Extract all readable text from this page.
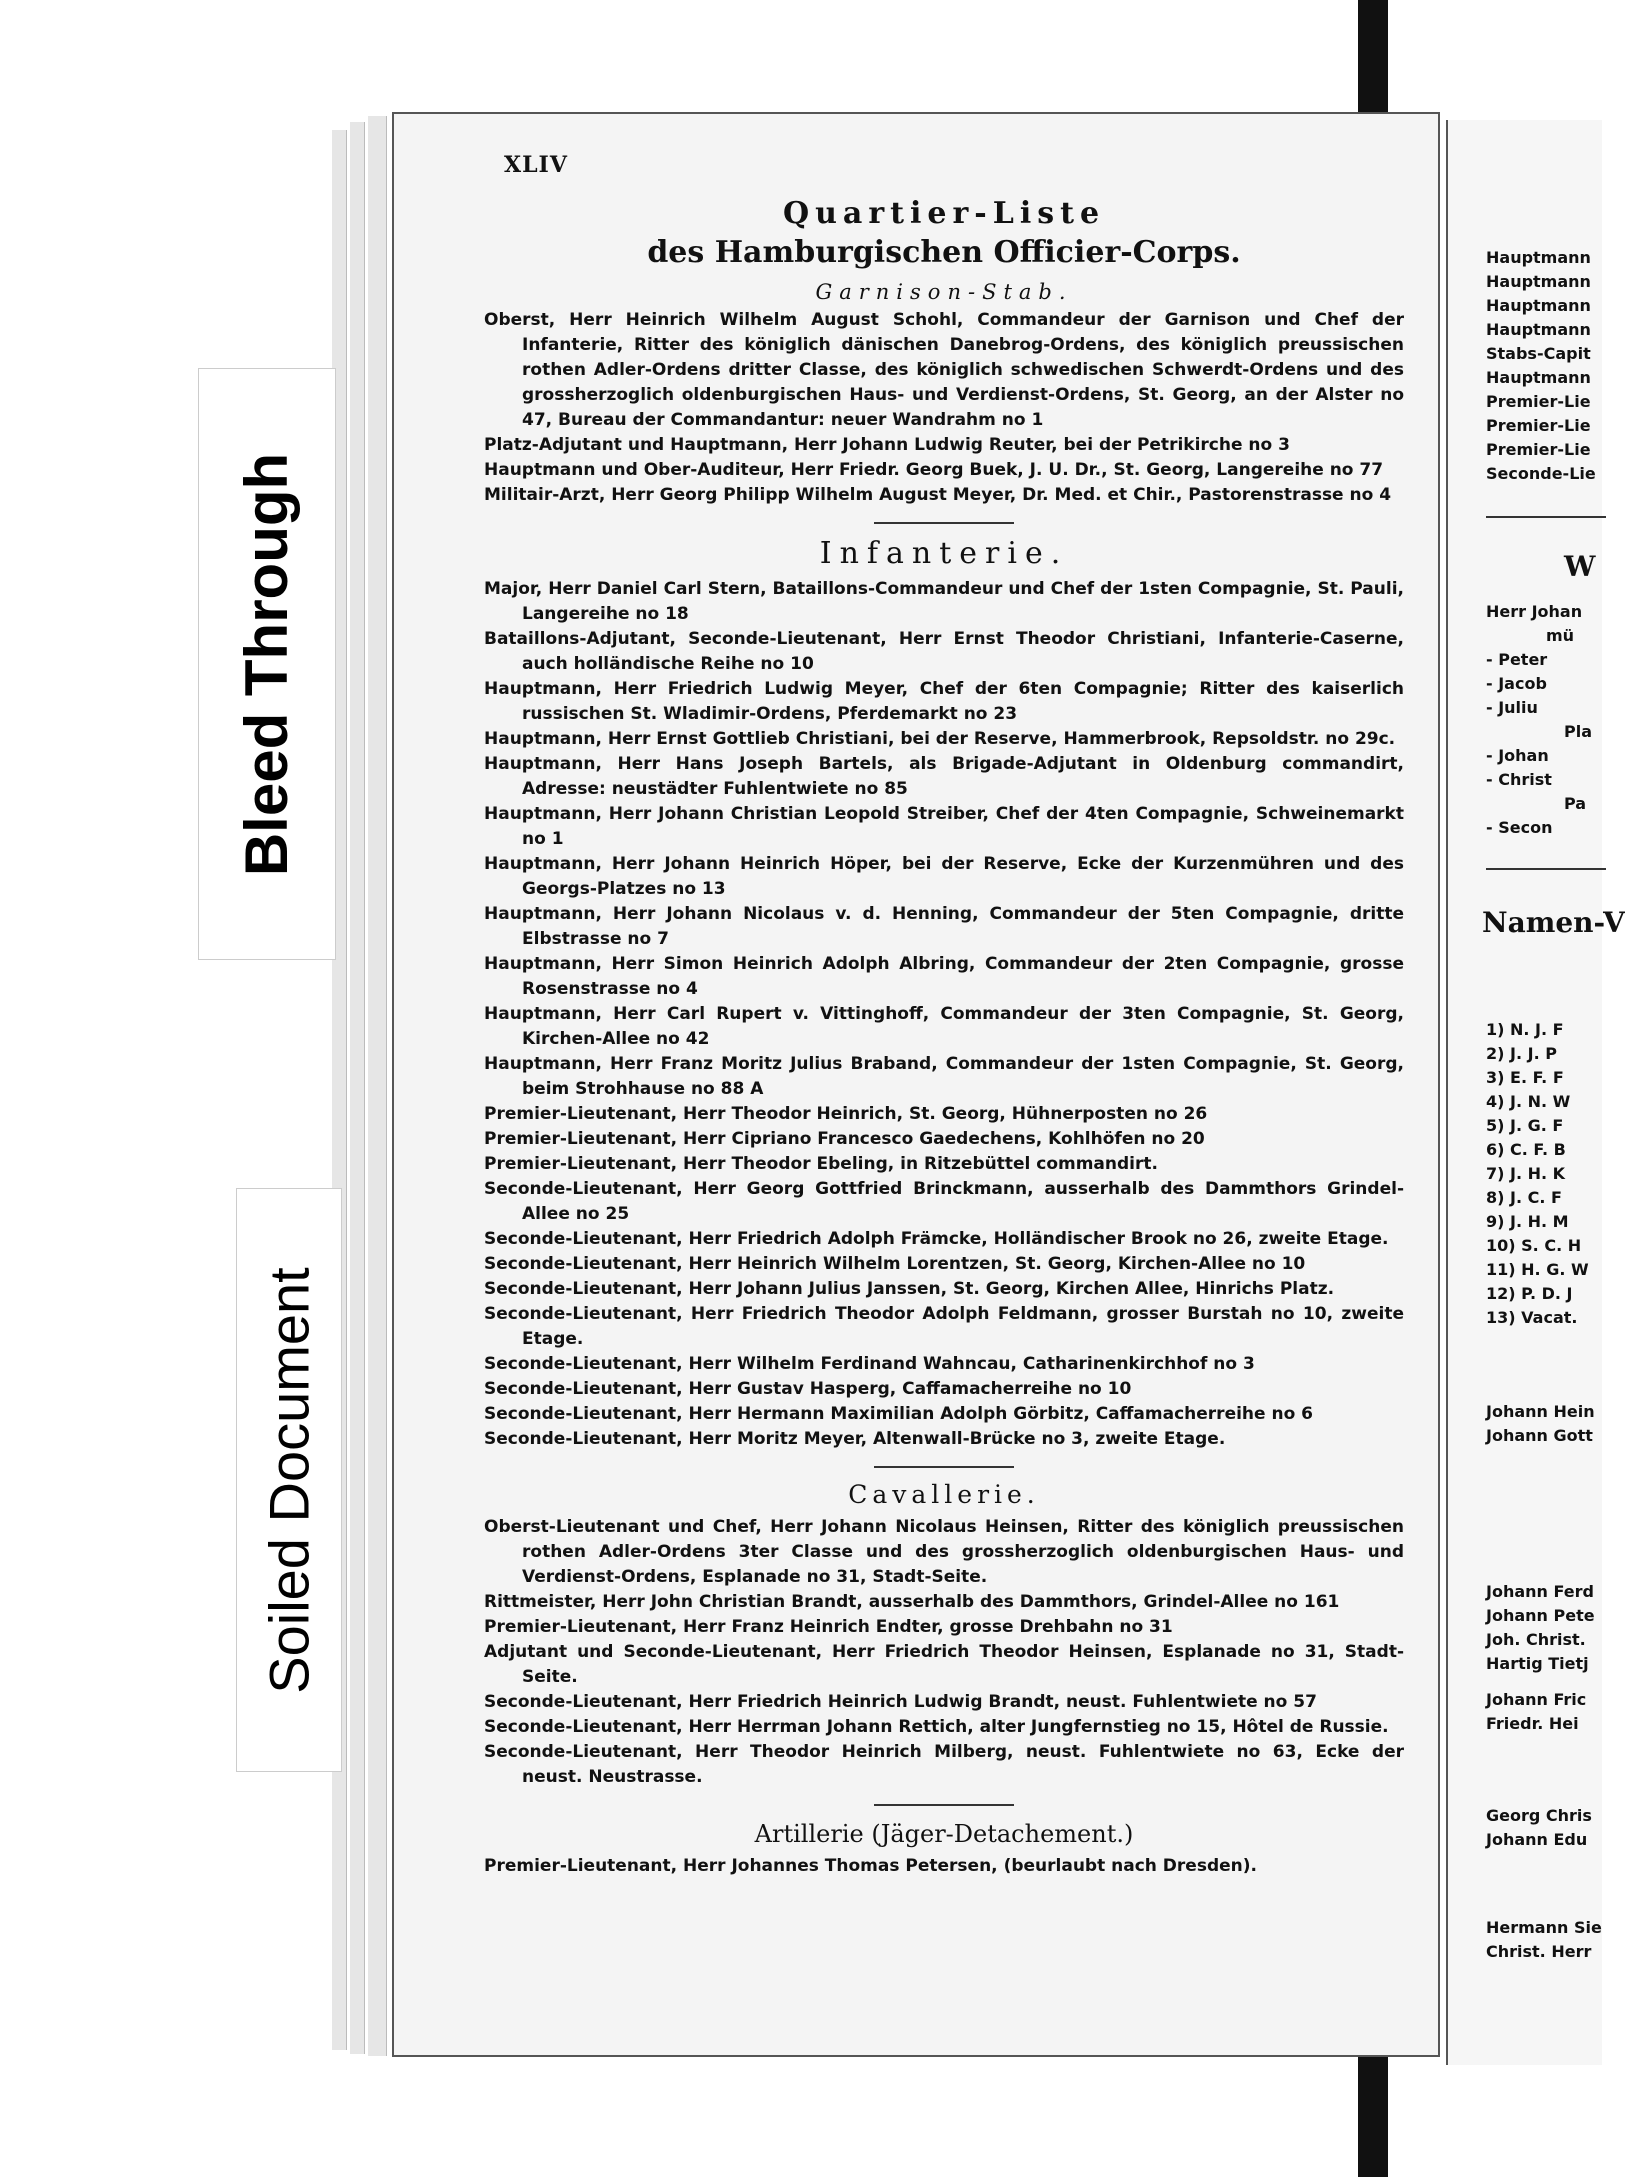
Bleed Through
Soiled Document
XLIV
Quartier-Liste
des Hamburgischen Officier-Corps.
Garnison-Stab.

Oberst, Herr Heinrich Wilhelm August Schohl, Commandeur der Garnison und Chef der Infanterie, Ritter des königlich dänischen Danebrog-Ordens, des königlich preussischen rothen Adler-Ordens dritter Classe, des königlich schwedischen Schwerdt-Ordens und des grossherzoglich oldenburgischen Haus- und Verdienst-Ordens, St. Georg, an der Alster no 47, Bureau der Commandantur: neuer Wandrahm no 1

Platz-Adjutant und Hauptmann, Herr Johann Ludwig Reuter, bei der Petrikirche no 3

Hauptmann und Ober-Auditeur, Herr Friedr. Georg Buek, J. U. Dr., St. Georg, Langereihe no 77

Militair-Arzt, Herr Georg Philipp Wilhelm August Meyer, Dr. Med. et Chir., Pastorenstrasse no 4

Infanterie.

Major, Herr Daniel Carl Stern, Bataillons-Commandeur und Chef der 1sten Compagnie, St. Pauli, Langereihe no 18

Bataillons-Adjutant, Seconde-Lieutenant, Herr Ernst Theodor Christiani, Infanterie-Caserne, auch holländische Reihe no 10

Hauptmann, Herr Friedrich Ludwig Meyer, Chef der 6ten Compagnie; Ritter des kaiserlich russischen St. Wladimir-Ordens, Pferdemarkt no 23

Hauptmann, Herr Ernst Gottlieb Christiani, bei der Reserve, Hammerbrook, Repsoldstr. no 29c.

Hauptmann, Herr Hans Joseph Bartels, als Brigade-Adjutant in Oldenburg commandirt, Adresse: neustädter Fuhlentwiete no 85

Hauptmann, Herr Johann Christian Leopold Streiber, Chef der 4ten Compagnie, Schweinemarkt no 1

Hauptmann, Herr Johann Heinrich Höper, bei der Reserve, Ecke der Kurzenmühren und des Georgs-Platzes no 13

Hauptmann, Herr Johann Nicolaus v. d. Henning, Commandeur der 5ten Compagnie, dritte Elbstrasse no 7

Hauptmann, Herr Simon Heinrich Adolph Albring, Commandeur der 2ten Compagnie, grosse Rosenstrasse no 4

Hauptmann, Herr Carl Rupert v. Vittinghoff, Commandeur der 3ten Compagnie, St. Georg, Kirchen-Allee no 42

Hauptmann, Herr Franz Moritz Julius Braband, Commandeur der 1sten Compagnie, St. Georg, beim Strohhause no 88 A

Premier-Lieutenant, Herr Theodor Heinrich, St. Georg, Hühnerposten no 26

Premier-Lieutenant, Herr Cipriano Francesco Gaedechens, Kohlhöfen no 20

Premier-Lieutenant, Herr Theodor Ebeling, in Ritzebüttel commandirt.

Seconde-Lieutenant, Herr Georg Gottfried Brinckmann, ausserhalb des Dammthors Grindel-Allee no 25

Seconde-Lieutenant, Herr Friedrich Adolph Främcke, Holländischer Brook no 26, zweite Etage.

Seconde-Lieutenant, Herr Heinrich Wilhelm Lorentzen, St. Georg, Kirchen-Allee no 10

Seconde-Lieutenant, Herr Johann Julius Janssen, St. Georg, Kirchen Allee, Hinrichs Platz.

Seconde-Lieutenant, Herr Friedrich Theodor Adolph Feldmann, grosser Burstah no 10, zweite Etage.

Seconde-Lieutenant, Herr Wilhelm Ferdinand Wahncau, Catharinenkirchhof no 3

Seconde-Lieutenant, Herr Gustav Hasperg, Caffamacherreihe no 10

Seconde-Lieutenant, Herr Hermann Maximilian Adolph Görbitz, Caffamacherreihe no 6

Seconde-Lieutenant, Herr Moritz Meyer, Altenwall-Brücke no 3, zweite Etage.

Cavallerie.

Oberst-Lieutenant und Chef, Herr Johann Nicolaus Heinsen, Ritter des königlich preussischen rothen Adler-Ordens 3ter Classe und des grossherzoglich oldenburgischen Haus- und Verdienst-Ordens, Esplanade no 31, Stadt-Seite.

Rittmeister, Herr John Christian Brandt, ausserhalb des Dammthors, Grindel-Allee no 161

Premier-Lieutenant, Herr Franz Heinrich Endter, grosse Drehbahn no 31

Adjutant und Seconde-Lieutenant, Herr Friedrich Theodor Heinsen, Esplanade no 31, Stadt-Seite.

Seconde-Lieutenant, Herr Friedrich Heinrich Ludwig Brandt, neust. Fuhlentwiete no 57

Seconde-Lieutenant, Herr Herrman Johann Rettich, alter Jungfernstieg no 15, Hôtel de Russie.

Seconde-Lieutenant, Herr Theodor Heinrich Milberg, neust. Fuhlentwiete no 63, Ecke der neust. Neustrasse.

Artillerie (Jäger-Detachement.)

Premier-Lieutenant, Herr Johannes Thomas Petersen, (beurlaubt nach Dresden).

Hauptmann
Hauptmann
Hauptmann
Hauptmann
Stabs-Capit
Hauptmann
Premier-Lie
Premier-Lie
Premier-Lie
Seconde-Lie
W
Herr Johan
mü
- Peter
- Jacob
- Juliu
Pla
- Johan
- Christ
Pa
- Secon
Namen-V
1) N. J. F
2) J. J. P
3) E. F. F
4) J. N. W
5) J. G. F
6) C. F. B
7) J. H. K
8) J. C. F
9) J. H. M
10) S. C. H
11) H. G. W
12) P. D. J
13) Vacat.
Johann Hein
Johann Gott
Johann Ferd
Johann Pete
Joh. Christ.
Hartig Tietj
Johann Fric
Friedr. Hei
Georg Chris
Johann Edu
Hermann Sie
Christ. Herr
